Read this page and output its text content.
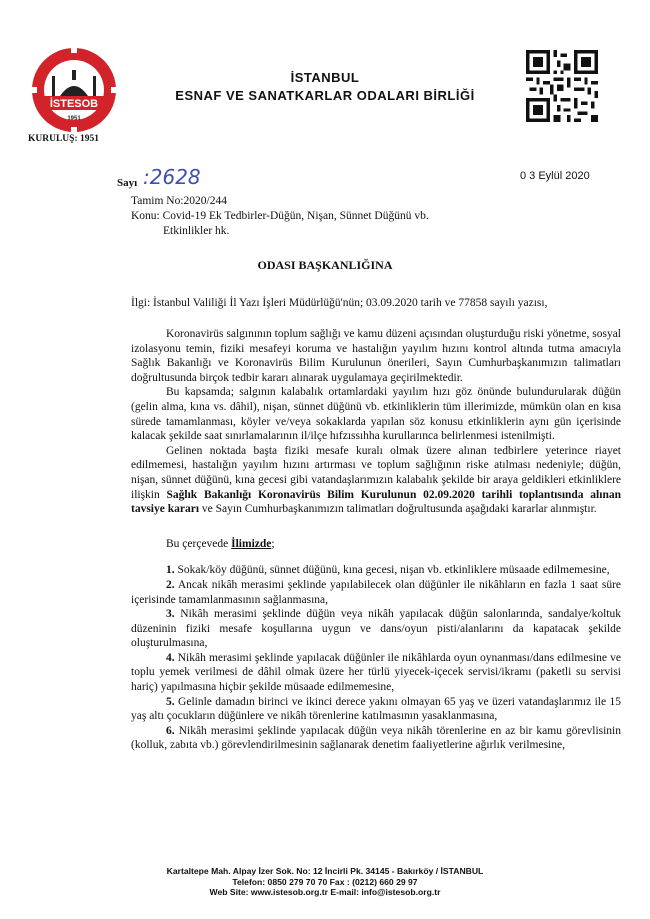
İSTESOB
1951
KURULUŞ: 1951
İSTANBUL
ESNAF VE SANATKARLAR ODALARI BİRLİĞİ
Sayı :2628	0 3 Eylül 2020
Tamim No:2020/244
Konu: Covid-19 Ek Tedbirler-Düğün, Nişan, Sünnet Düğünü vb.
Etkinlikler hk.
ODASI BAŞKANLIĞINA
İlgi: İstanbul Valiliği İl Yazı İşleri Müdürlüğü'nün; 03.09.2020 tarih ve 77858 sayılı yazısı,

Koronavirüs salgınının toplum sağlığı ve kamu düzeni açısından oluşturduğu riski yönetme, sosyal izolasyonu temin, fiziki mesafeyi koruma ve hastalığın yayılım hızını kontrol altında tutma amacıyla Sağlık Bakanlığı ve Koronavirüs Bilim Kurulunun önerileri, Sayın Cumhurbaşkanımızın talimatları doğrultusunda birçok tedbir kararı alınarak uygulamaya geçirilmektedir.

Bu kapsamda; salgının kalabalık ortamlardaki yayılım hızı göz önünde bulundurularak düğün (gelin alma, kına vs. dâhil), nişan, sünnet düğünü vb. etkinliklerin tüm illerimizde, mümkün olan en kısa sürede tamamlanması, köyler ve/veya sokaklarda yapılan söz konusu etkinliklerin aynı gün içerisinde kalacak şekilde saat sınırlamalarının il/ilçe hıfzıssıhha kurullarınca belirlenmesi istenilmişti.

Gelinen noktada başta fiziki mesafe kuralı olmak üzere alınan tedbirlere yeterince riayet edilmemesi, hastalığın yayılım hızını artırması ve toplum sağlığının riske atılması nedeniyle; düğün, nişan, sünnet düğünü, kına gecesi gibi vatandaşlarımızın kalabalık şekilde bir araya geldikleri etkinliklere ilişkin Sağlık Bakanlığı Koronavirüs Bilim Kurulunun 02.09.2020 tarihli toplantısında alınan tavsiye kararı ve Sayın Cumhurbaşkanımızın talimatları doğrultusunda aşağıdaki kararlar alınmıştır.

Bu çerçevede İlimizde;

1. Sokak/köy düğünü, sünnet düğünü, kına gecesi, nişan vb. etkinliklere müsaade edilmemesine,

2. Ancak nikâh merasimi şeklinde yapılabilecek olan düğünler ile nikâhların en fazla 1 saat süre içerisinde tamamlanmasının sağlanmasına,

3. Nikâh merasimi şeklinde düğün veya nikâh yapılacak düğün salonlarında, sandalye/koltuk düzeninin fiziki mesafe koşullarına uygun ve dans/oyun pisti/alanlarını da kapatacak şekilde oluşturulmasına,

4. Nikâh merasimi şeklinde yapılacak düğünler ile nikâhlarda oyun oynanması/dans edilmesine ve toplu yemek verilmesi de dâhil olmak üzere her türlü yiyecek-içecek servisi/ikramı (paketli su servisi hariç) yapılmasına hiçbir şekilde müsaade edilmemesine,

5. Gelinle damadın birinci ve ikinci derece yakını olmayan 65 yaş ve üzeri vatandaşlarımız ile 15 yaş altı çocukların düğünlere ve nikâh törenlerine katılmasının yasaklanmasına,

6. Nikâh merasimi şeklinde yapılacak düğün veya nikâh törenlerine en az bir kamu görevlisinin (kolluk, zabıta vb.) görevlendirilmesinin sağlanarak denetim faaliyetlerine ağırlık verilmesine,

Kartaltepe Mah. Alpay İzer Sok. No: 12 İncirli Pk. 34145 - Bakırköy / İSTANBUL
Telefon: 0850 279 70 70 Fax : (0212) 660 29 97
Web Site: www.istesob.org.tr E-mail: info@istesob.org.tr
